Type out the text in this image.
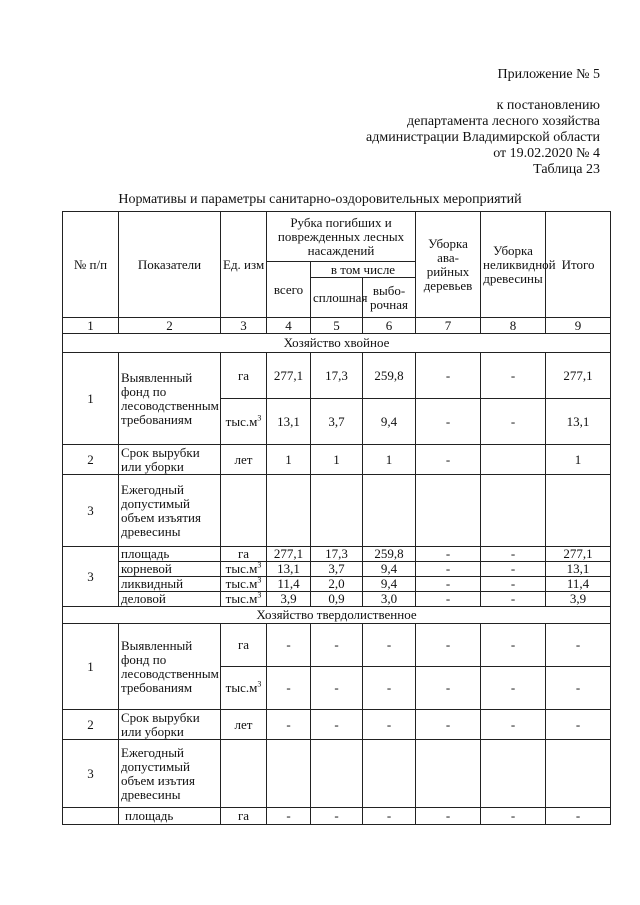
Приложение № 5
к постановлению
департамента лесного хозяйства
администрации Владимирской области
от 19.02.2020 № 4
Таблица 23
Нормативы и параметры санитарно-оздоровительных мероприятий
№ п/п	Показатели	Ед. изм	Рубка погибших и поврежденных лесных насаждений			Уборка ава-рийных деревьев	Уборка неликвидной древесины	Итого
			всего	в том числе				
				сплошная	выбо-рочная			
1	2	3	4	5	6	7	8	9
Хозяйство хвойное								
1	Выявленный фонд по лесоводственным требованиям	га	277,1	17,3	259,8	-	-	277,1
		$тыс.м^3$	13,1	3,7	9,4	-	-	13,1
2	Срок вырубки или уборки	лет	1	1	1	-		1
3	Ежегодный допустимый объем изъятия древесины							
3	площадь	га	277,1	17,3	259,8	-	-	277,1
	корневой	$тыс.м^3$	13,1	3,7	9,4	-	-	13,1
	ликвидный	$тыс.м^3$	11,4	2,0	9,4	-	-	11,4
	деловой	$тыс.м^3$	3,9	0,9	3,0	-	-	3,9
Хозяйство твердолиственное								
1	Выявленный фонд по лесоводственным требованиям	га	-	-	-	-	-	-
		$тыс.м^3$	-	-	-	-	-	-
2	Срок вырубки или уборки	лет	-	-	-	-	-	-
3	Ежегодный допустимый объем изътия древесины							
	площадь	га	-	-	-	-	-	-
